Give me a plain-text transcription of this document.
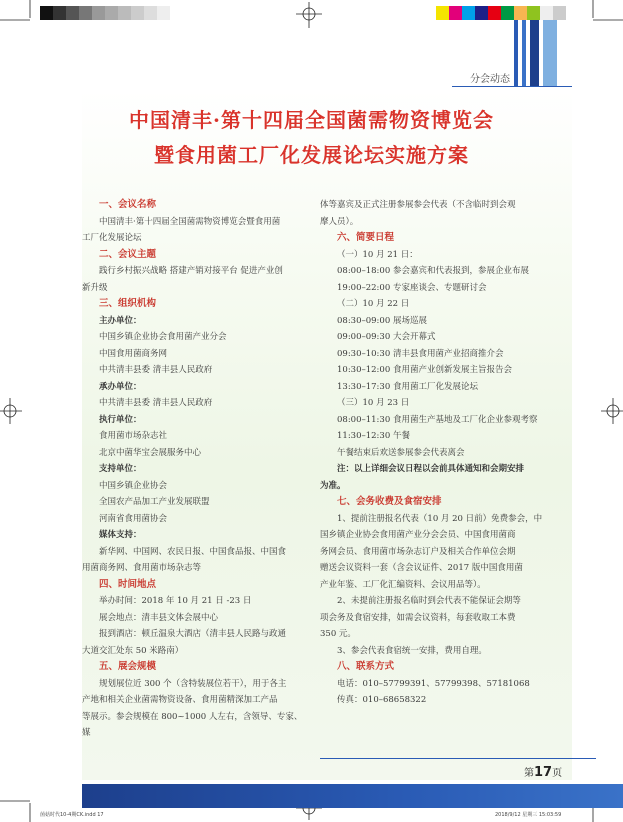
分会动态
中国清丰·第十四届全国菌需物资博览会
暨食用菌工厂化发展论坛实施方案

一、会议名称

中国清丰·第十四届全国菌需物资博览会暨食用菌

工厂化发展论坛

二、会议主题

践行乡村振兴战略 搭建产销对接平台 促进产业创

新升级

三、组织机构

主办单位：

中国乡镇企业协会食用菌产业分会

中国食用菌商务网

中共清丰县委 清丰县人民政府

承办单位：

中共清丰县委 清丰县人民政府

执行单位：

食用菌市场杂志社

北京中菌华宝会展服务中心

支持单位：

中国乡镇企业协会

全国农产品加工产业发展联盟

河南省食用菌协会

媒体支持：

新华网、中国网、农民日报、中国食品报、中国食

用菌商务网、食用菌市场杂志等

四、时间地点

举办时间：2018 年 10 月 21 日 -23 日

展会地点：清丰县文体会展中心

报到酒店：顿丘温泉大酒店（清丰县人民路与政通

大道交汇处东 50 米路南）

五、展会规模

规划展位近 300 个（含特装展位若干），用于各主

产地和相关企业菌需物资设备、食用菌精深加工产品

等展示。参会规模在 800~1000 人左右，含领导、专家、媒

体等嘉宾及正式注册参展参会代表（不含临时到会观

摩人员）。

六、简要日程

（一）10 月 21 日：

08:00–18:00 参会嘉宾和代表报到，参展企业布展

19:00–22:00 专家座谈会、专题研讨会

（二）10 月 22 日

08:30–09:00 展场巡展

09:00–09:30 大会开幕式

09:30–10:30 清丰县食用菌产业招商推介会

10:30–12:00 食用菌产业创新发展主旨报告会

13:30–17:30 食用菌工厂化发展论坛

（三）10 月 23 日

08:00–11:30 食用菌生产基地及工厂化企业参观考察

11:30–12:30 午餐

午餐结束后欢送参展参会代表离会

注：以上详细会议日程以会前具体通知和会期安排

为准。

七、会务收费及食宿安排

1、提前注册报名代表（10 月 20 日前）免费参会，中

国乡镇企业协会食用菌产业分会会员、中国食用菌商

务网会员、食用菌市场杂志订户及相关合作单位会期

赠送会议资料一套（含会议证件、2017 版中国食用菌

产业年鉴、工厂化汇编资料、会议用品等）。

2、未提前注册报名临时到会代表不能保证会期等

项会务及食宿安排，如需会议资料，每套收取工本费

350 元。

3、参会代表食宿统一安排，费用自理。

八、联系方式

电话：010–57799391、57799398、57181068

传真：010–68658322

第17页
菌菇时代10-4期CK.indd 17	2018/9/12 星期三 15:03:59
